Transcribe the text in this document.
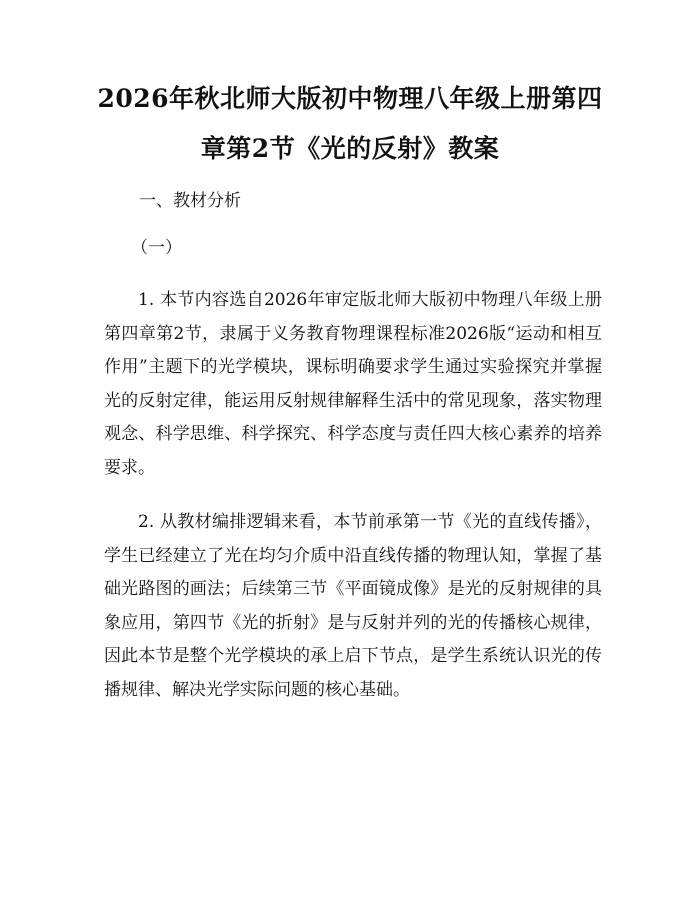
2026年秋北师大版初中物理八年级上册第四
章第2节《光的反射》教案
一、教材分析
（一）

1. 本节内容选自2026年审定版北师大版初中物理八年级上册第四章第2节，隶属于义务教育物理课程标准2026版“运动和相互作用”主题下的光学模块，课标明确要求学生通过实验探究并掌握光的反射定律，能运用反射规律解释生活中的常见现象，落实物理观念、科学思维、科学探究、科学态度与责任四大核心素养的培养要求。

2. 从教材编排逻辑来看，本节前承第一节《光的直线传播》，学生已经建立了光在均匀介质中沿直线传播的物理认知，掌握了基础光路图的画法；后续第三节《平面镜成像》是光的反射规律的具象应用，第四节《光的折射》是与反射并列的光的传播核心规律，因此本节是整个光学模块的承上启下节点，是学生系统认识光的传播规律、解决光学实际问题的核心基础。
